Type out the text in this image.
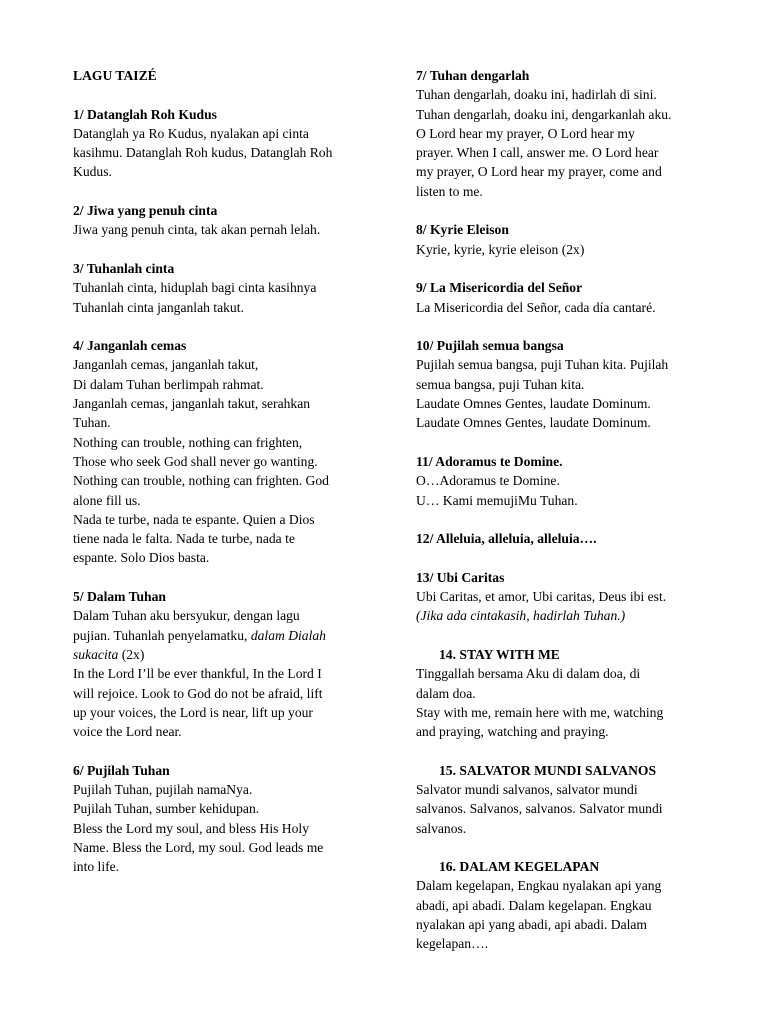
LAGU TAIZÉ
1/ Datanglah Roh Kudus
Datanglah ya Ro Kudus, nyalakan api cinta
kasihmu. Datanglah Roh kudus, Datanglah Roh
Kudus.
2/ Jiwa yang penuh cinta
Jiwa yang penuh cinta, tak akan pernah lelah.
3/ Tuhanlah cinta
Tuhanlah cinta, hiduplah bagi cinta kasihnya
Tuhanlah cinta janganlah takut.
4/ Janganlah cemas
Janganlah cemas, janganlah takut,
Di dalam Tuhan berlimpah rahmat.
Janganlah cemas, janganlah takut, serahkan
Tuhan.
Nothing can trouble, nothing can frighten,
Those who seek God shall never go wanting.
Nothing can trouble, nothing can frighten. God
alone fill us.
Nada te turbe, nada te espante. Quien a Dios
tiene nada le falta. Nada te turbe, nada te
espante. Solo Dios basta.
5/ Dalam Tuhan
Dalam Tuhan aku bersyukur, dengan lagu
pujian. Tuhanlah penyelamatku, dalam Dialah
sukacita (2x)
In the Lord I’ll be ever thankful, In the Lord I
will rejoice. Look to God do not be afraid, lift
up your voices, the Lord is near, lift up your
voice the Lord near.
6/ Pujilah Tuhan
Pujilah Tuhan, pujilah namaNya.
Pujilah Tuhan, sumber kehidupan.
Bless the Lord my soul, and bless His Holy
Name. Bless the Lord, my soul. God leads me
into life.
7/ Tuhan dengarlah
Tuhan dengarlah, doaku ini, hadirlah di sini.
Tuhan dengarlah, doaku ini, dengarkanlah aku.
O Lord hear my prayer, O Lord hear my
prayer. When I call, answer me. O Lord hear
my prayer, O Lord hear my prayer, come and
listen to me.
8/ Kyrie Eleison
Kyrie, kyrie, kyrie eleison (2x)
9/ La Misericordia del Señor
La Misericordia del Señor, cada día cantaré.
10/ Pujilah semua bangsa
Pujilah semua bangsa, puji Tuhan kita. Pujilah
semua bangsa, puji Tuhan kita.
Laudate Omnes Gentes, laudate Dominum.
Laudate Omnes Gentes, laudate Dominum.
11/ Adoramus te Domine.
O…Adoramus te Domine.
U… Kami memujiMu Tuhan.
12/ Alleluia, alleluia, alleluia….
13/ Ubi Caritas
Ubi Caritas, et amor, Ubi caritas, Deus ibi est.
(Jika ada cintakasih, hadirlah Tuhan.)
14. STAY WITH ME
Tinggallah bersama Aku di dalam doa, di
dalam doa.
Stay with me, remain here with me, watching
and praying, watching and praying.
15. SALVATOR MUNDI SALVANOS
Salvator mundi salvanos, salvator mundi
salvanos. Salvanos, salvanos. Salvator mundi
salvanos.
16. DALAM KEGELAPAN
Dalam kegelapan, Engkau nyalakan api yang
abadi, api abadi. Dalam kegelapan. Engkau
nyalakan api yang abadi, api abadi. Dalam
kegelapan….
